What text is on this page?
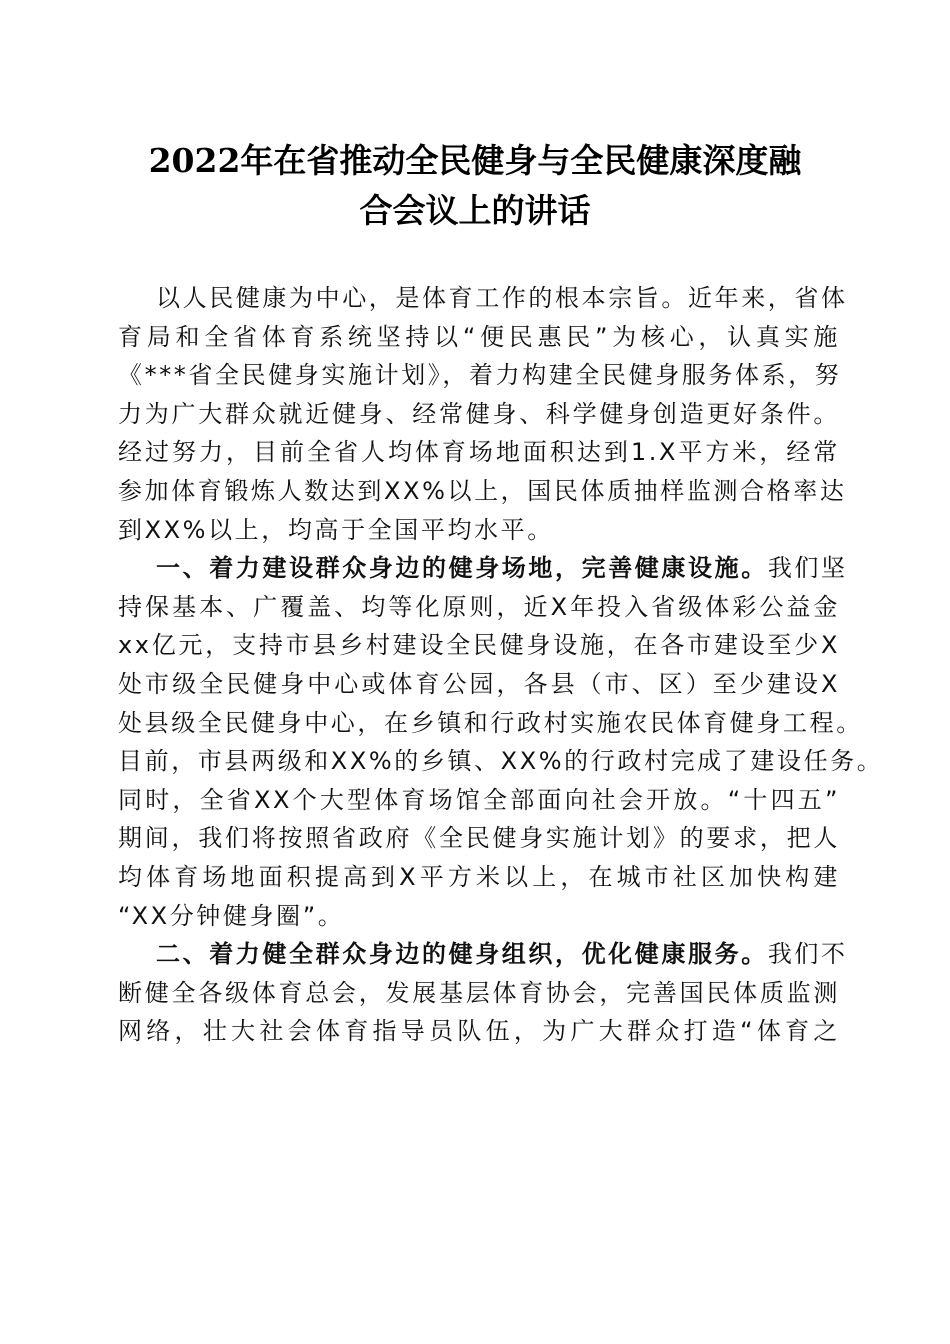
2022年在省推动全民健身与全民健康深度融
合会议上的讲话

以人民健康为中心，是体育工作的根本宗旨。近年来，省体
育局和全省体育系统坚持以“便民惠民”为核心，认真实施
《***省全民健身实施计划》，着力构建全民健身服务体系，努
力为广大群众就近健身、经常健身、科学健身创造更好条件。
经过努力，目前全省人均体育场地面积达到1.X平方米，经常
参加体育锻炼人数达到XX%以上，国民体质抽样监测合格率达
到XX%以上，均高于全国平均水平。

一、着力建设群众身边的健身场地，完善健康设施。我们坚
持保基本、广覆盖、均等化原则，近X年投入省级体彩公益金
xx亿元，支持市县乡村建设全民健身设施，在各市建设至少X
处市级全民健身中心或体育公园，各县（市、区）至少建设X
处县级全民健身中心，在乡镇和行政村实施农民体育健身工程。
目前，市县两级和XX%的乡镇、XX%的行政村完成了建设任务。
同时，全省XX个大型体育场馆全部面向社会开放。“十四五”
期间，我们将按照省政府《全民健身实施计划》的要求，把人
均体育场地面积提高到X平方米以上，在城市社区加快构建
“XX分钟健身圈”。

二、着力健全群众身边的健身组织，优化健康服务。我们不
断健全各级体育总会，发展基层体育协会，完善国民体质监测
网络，壮大社会体育指导员队伍，为广大群众打造“体育之
